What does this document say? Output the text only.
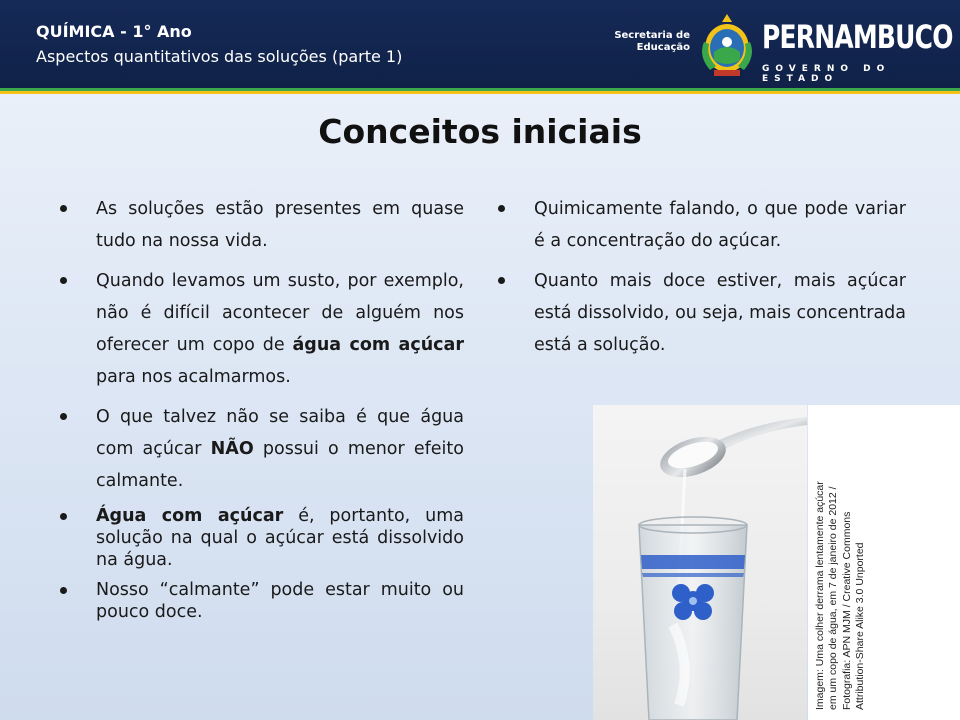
QUÍMICA - 1° Ano
Aspectos quantitativos das soluções (parte 1)
Secretaria de
Educação PERNAMBUCO
GOVERNO DO ESTADO
Conceitos iniciais
As soluções estão presentes em quase tudo na nossa vida.
Quando levamos um susto, por exemplo, não é difícil acontecer de alguém nos oferecer um copo de água com açúcar para nos acalmarmos.
O que talvez não se saiba é que água com açúcar NÃO possui o menor efeito calmante.
Água com açúcar é, portanto, uma solução na qual o açúcar está dissolvido na água.
Nosso “calmante” pode estar muito ou pouco doce.
Quimicamente falando, o que pode variar é a concentração do açúcar.
Quanto mais doce estiver, mais açúcar está dissolvido, ou seja, mais concentrada está a solução.
Imagem: Uma colher derrama lentamente açúcar em um copo de água, em 7 de janeiro de 2012 / Fotografia: APN MJM / Creative Commons Attribution-Share Alike 3.0 Unported
